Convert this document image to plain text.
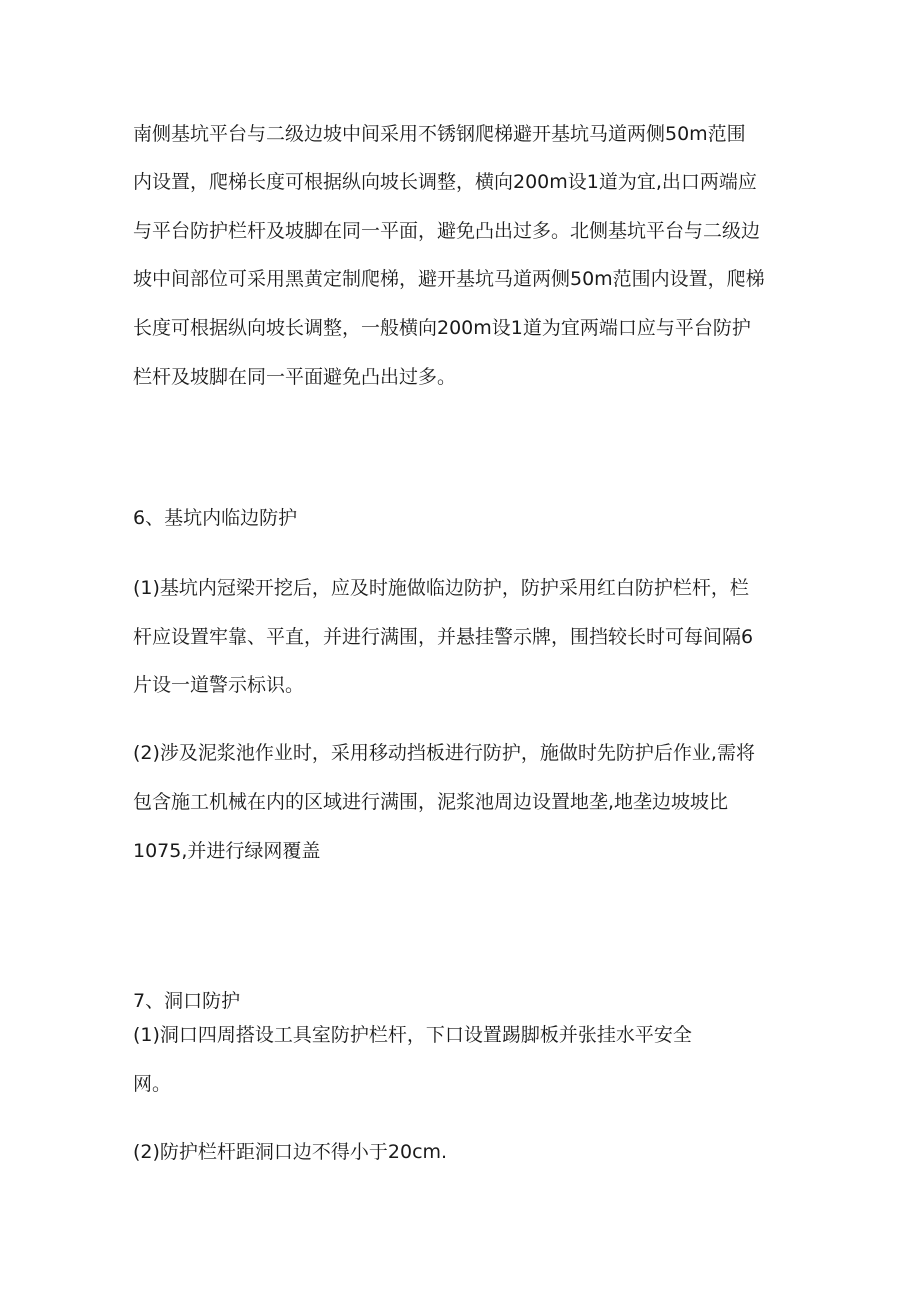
南侧基坑平台与二级边坡中间采用不锈钢爬梯避开基坑马道两侧50m范围
内设置，爬梯长度可根据纵向坡长调整，横向200m设1道为宜,出口两端应
与平台防护栏杆及坡脚在同一平面，避免凸出过多。北侧基坑平台与二级边
坡中间部位可采用黑黄定制爬梯，避开基坑马道两侧50m范围内设置，爬梯
长度可根据纵向坡长调整，一般横向200m设1道为宜两端口应与平台防护
栏杆及坡脚在同一平面避免凸出过多。
6、基坑内临边防护
(1)基坑内冠梁开挖后，应及时施做临边防护，防护采用红白防护栏杆，栏
杆应设置牢靠、平直，并进行满围，并悬挂警示牌，围挡较长时可每间隔6
片设一道警示标识。
(2)涉及泥浆池作业时，采用移动挡板进行防护，施做时先防护后作业,需将
包含施工机械在内的区域进行满围，泥浆池周边设置地垄,地垄边坡坡比
1075,并进行绿网覆盖
7、洞口防护
(1)洞口四周搭设工具室防护栏杆，下口设置踢脚板并张挂水平安全
网。
(2)防护栏杆距洞口边不得小于20cm.
